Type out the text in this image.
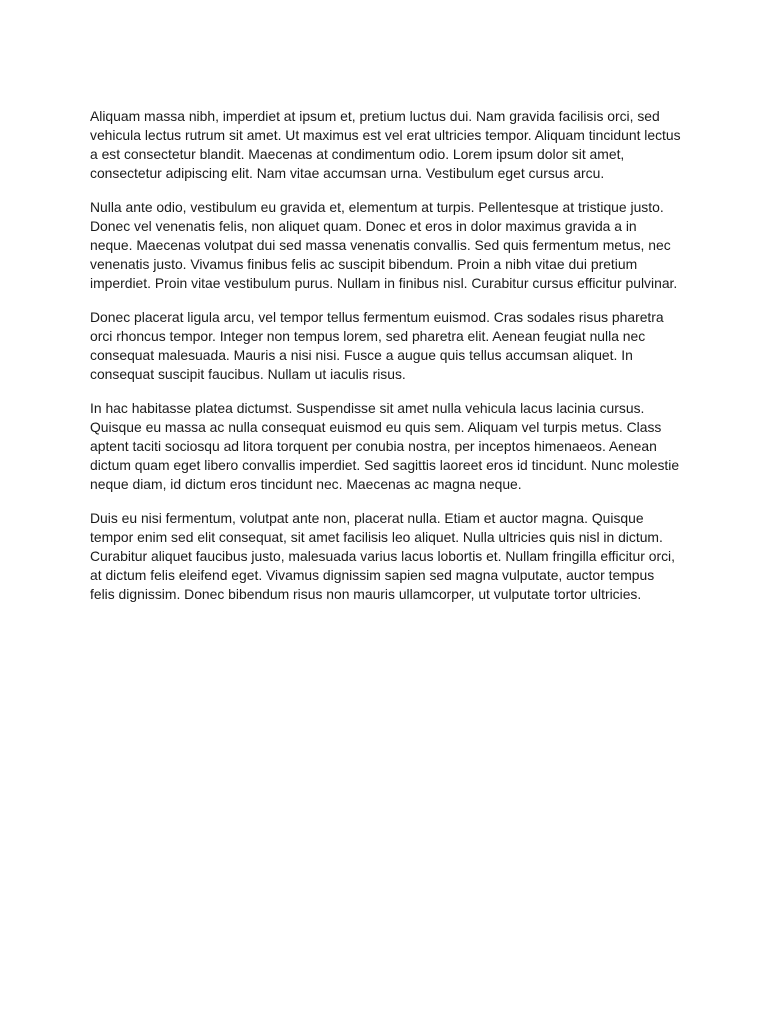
Aliquam massa nibh, imperdiet at ipsum et, pretium luctus dui. Nam gravida facilisis orci, sed vehicula lectus rutrum sit amet. Ut maximus est vel erat ultricies tempor. Aliquam tincidunt lectus a est consectetur blandit. Maecenas at condimentum odio. Lorem ipsum dolor sit amet, consectetur adipiscing elit. Nam vitae accumsan urna. Vestibulum eget cursus arcu.

Nulla ante odio, vestibulum eu gravida et, elementum at turpis. Pellentesque at tristique justo. Donec vel venenatis felis, non aliquet quam. Donec et eros in dolor maximus gravida a in neque. Maecenas volutpat dui sed massa venenatis convallis. Sed quis fermentum metus, nec venenatis justo. Vivamus finibus felis ac suscipit bibendum. Proin a nibh vitae dui pretium imperdiet. Proin vitae vestibulum purus. Nullam in finibus nisl. Curabitur cursus efficitur pulvinar.

Donec placerat ligula arcu, vel tempor tellus fermentum euismod. Cras sodales risus pharetra orci rhoncus tempor. Integer non tempus lorem, sed pharetra elit. Aenean feugiat nulla nec consequat malesuada. Mauris a nisi nisi. Fusce a augue quis tellus accumsan aliquet. In consequat suscipit faucibus. Nullam ut iaculis risus.

In hac habitasse platea dictumst. Suspendisse sit amet nulla vehicula lacus lacinia cursus. Quisque eu massa ac nulla consequat euismod eu quis sem. Aliquam vel turpis metus. Class aptent taciti sociosqu ad litora torquent per conubia nostra, per inceptos himenaeos. Aenean dictum quam eget libero convallis imperdiet. Sed sagittis laoreet eros id tincidunt. Nunc molestie neque diam, id dictum eros tincidunt nec. Maecenas ac magna neque.

Duis eu nisi fermentum, volutpat ante non, placerat nulla. Etiam et auctor magna. Quisque tempor enim sed elit consequat, sit amet facilisis leo aliquet. Nulla ultricies quis nisl in dictum. Curabitur aliquet faucibus justo, malesuada varius lacus lobortis et. Nullam fringilla efficitur orci, at dictum felis eleifend eget. Vivamus dignissim sapien sed magna vulputate, auctor tempus felis dignissim. Donec bibendum risus non mauris ullamcorper, ut vulputate tortor ultricies.
